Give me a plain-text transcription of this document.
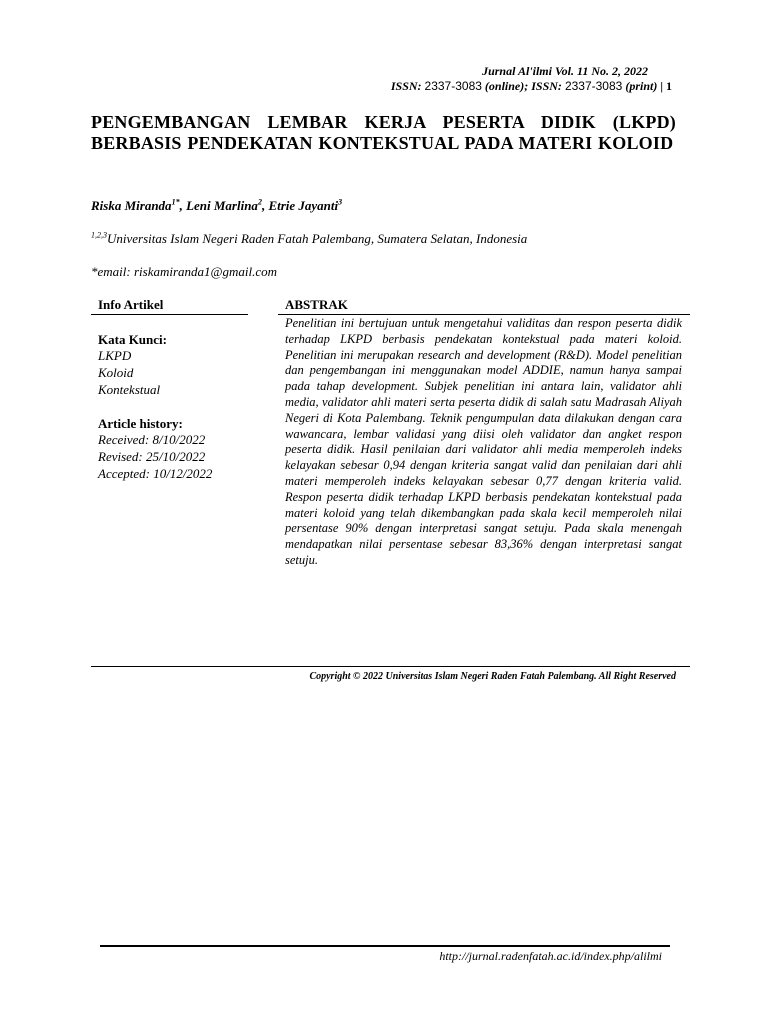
Jurnal Al'ilmi Vol. 11 No. 2, 2022
ISSN: 2337-3083 (online); ISSN: 2337-3083 (print) | 1
PENGEMBANGAN LEMBAR KERJA PESERTA DIDIK (LKPD) BERBASIS PENDEKATAN KONTEKSTUAL PADA MATERI KOLOID
Riska Miranda$^{1*}$, Leni Marlina$^2$, Etrie Jayanti$^3$
$^{1,2,3}$Universitas Islam Negeri Raden Fatah Palembang, Sumatera Selatan, Indonesia
*email: riskamiranda1@gmail.com
Info Artikel	ABSTRAK
Kata Kunci:
LKPD
Koloid
Kontekstual
Article history:
Received: 8/10/2022
Revised: 25/10/2022
Accepted: 10/12/2022
Penelitian ini bertujuan untuk mengetahui validitas dan respon peserta didik terhadap LKPD berbasis pendekatan kontekstual pada materi koloid. Penelitian ini merupakan research and development (R&D). Model penelitian dan pengembangan ini menggunakan model ADDIE, namun hanya sampai pada tahap development. Subjek penelitian ini antara lain, validator ahli media, validator ahli materi serta peserta didik di salah satu Madrasah Aliyah Negeri di Kota Palembang. Teknik pengumpulan data dilakukan dengan cara wawancara, lembar validasi yang diisi oleh validator dan angket respon peserta didik. Hasil penilaian dari validator ahli media memperoleh indeks kelayakan sebesar 0,94 dengan kriteria sangat valid dan penilaian dari ahli materi memperoleh indeks kelayakan sebesar 0,77 dengan kriteria valid. Respon peserta didik terhadap LKPD berbasis pendekatan kontekstual pada materi koloid yang telah dikembangkan pada skala kecil memperoleh nilai persentase 90% dengan interpretasi sangat setuju. Pada skala menengah mendapatkan nilai persentase sebesar 83,36% dengan interpretasi sangat setuju.
Copyright © 2022 Universitas Islam Negeri Raden Fatah Palembang. All Right Reserved
http://jurnal.radenfatah.ac.id/index.php/alilmi
